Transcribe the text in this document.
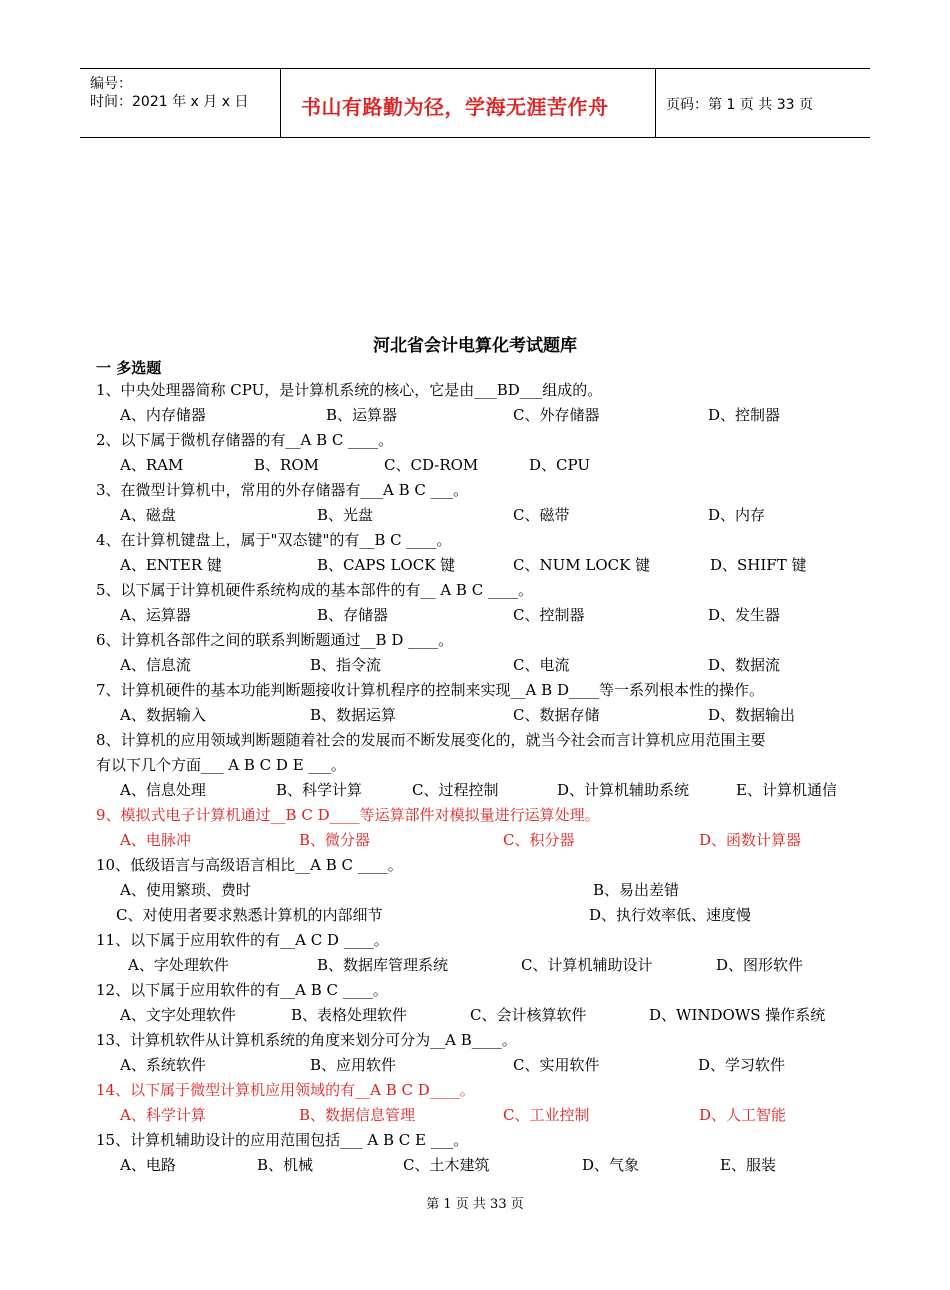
编号：
时间：2021 年 x 月 x 日	书山有路勤为径，学海无涯苦作舟	页码：第 1 页 共 33 页
河北省会计电算化考试题库
一 多选题
1、中央处理器简称 CPU，是计算机系统的核心，它是由___BD___组成的。
A、内存储器	B、运算器	C、外存储器	D、控制器
2、以下属于微机存储器的有__A B C ____。
A、RAM	B、ROM	C、CD-ROM	D、CPU
3、在微型计算机中，常用的外存储器有___A B C ___。
A、磁盘	B、光盘	C、磁带	D、内存
4、在计算机键盘上，属于"双态键"的有__B C ____。
A、ENTER 键	B、CAPS LOCK 键	C、NUM LOCK 键	D、SHIFT 键
5、以下属于计算机硬件系统构成的基本部件的有__ A B C ____。
A、运算器	B、存储器	C、控制器	D、发生器
6、计算机各部件之间的联系判断题通过__B D ____。
A、信息流	B、指令流	C、电流	D、数据流
7、计算机硬件的基本功能判断题接收计算机程序的控制来实现__A B D____等一系列根本性的操作。
A、数据输入	B、数据运算	C、数据存储	D、数据输出
8、计算机的应用领域判断题随着社会的发展而不断发展变化的，就当今社会而言计算机应用范围主要
有以下几个方面___ A B C D E ___。
A、信息处理	B、科学计算	C、过程控制	D、计算机辅助系统	E、计算机通信
9、模拟式电子计算机通过__B C D____等运算部件对模拟量进行运算处理。
A、电脉冲	B、微分器	C、积分器	D、函数计算器
10、低级语言与高级语言相比__A B C ____。
A、使用繁琐、费时	B、易出差错
C、对使用者要求熟悉计算机的内部细节	D、执行效率低、速度慢
11、以下属于应用软件的有__A C D ____。
A、字处理软件	B、数据库管理系统	C、计算机辅助设计	D、图形软件
12、以下属于应用软件的有__A B C ____。
A、文字处理软件	B、表格处理软件	C、会计核算软件	D、WINDOWS 操作系统
13、计算机软件从计算机系统的角度来划分可分为__A B____。
A、系统软件	B、应用软件	C、实用软件	D、学习软件
14、以下属于微型计算机应用领域的有__A B C D____。
A、科学计算	B、数据信息管理	C、工业控制	D、人工智能
15、计算机辅助设计的应用范围包括___ A B C E ___。
A、电路	B、机械	C、土木建筑	D、气象	E、服装
第 1 页 共 33 页
